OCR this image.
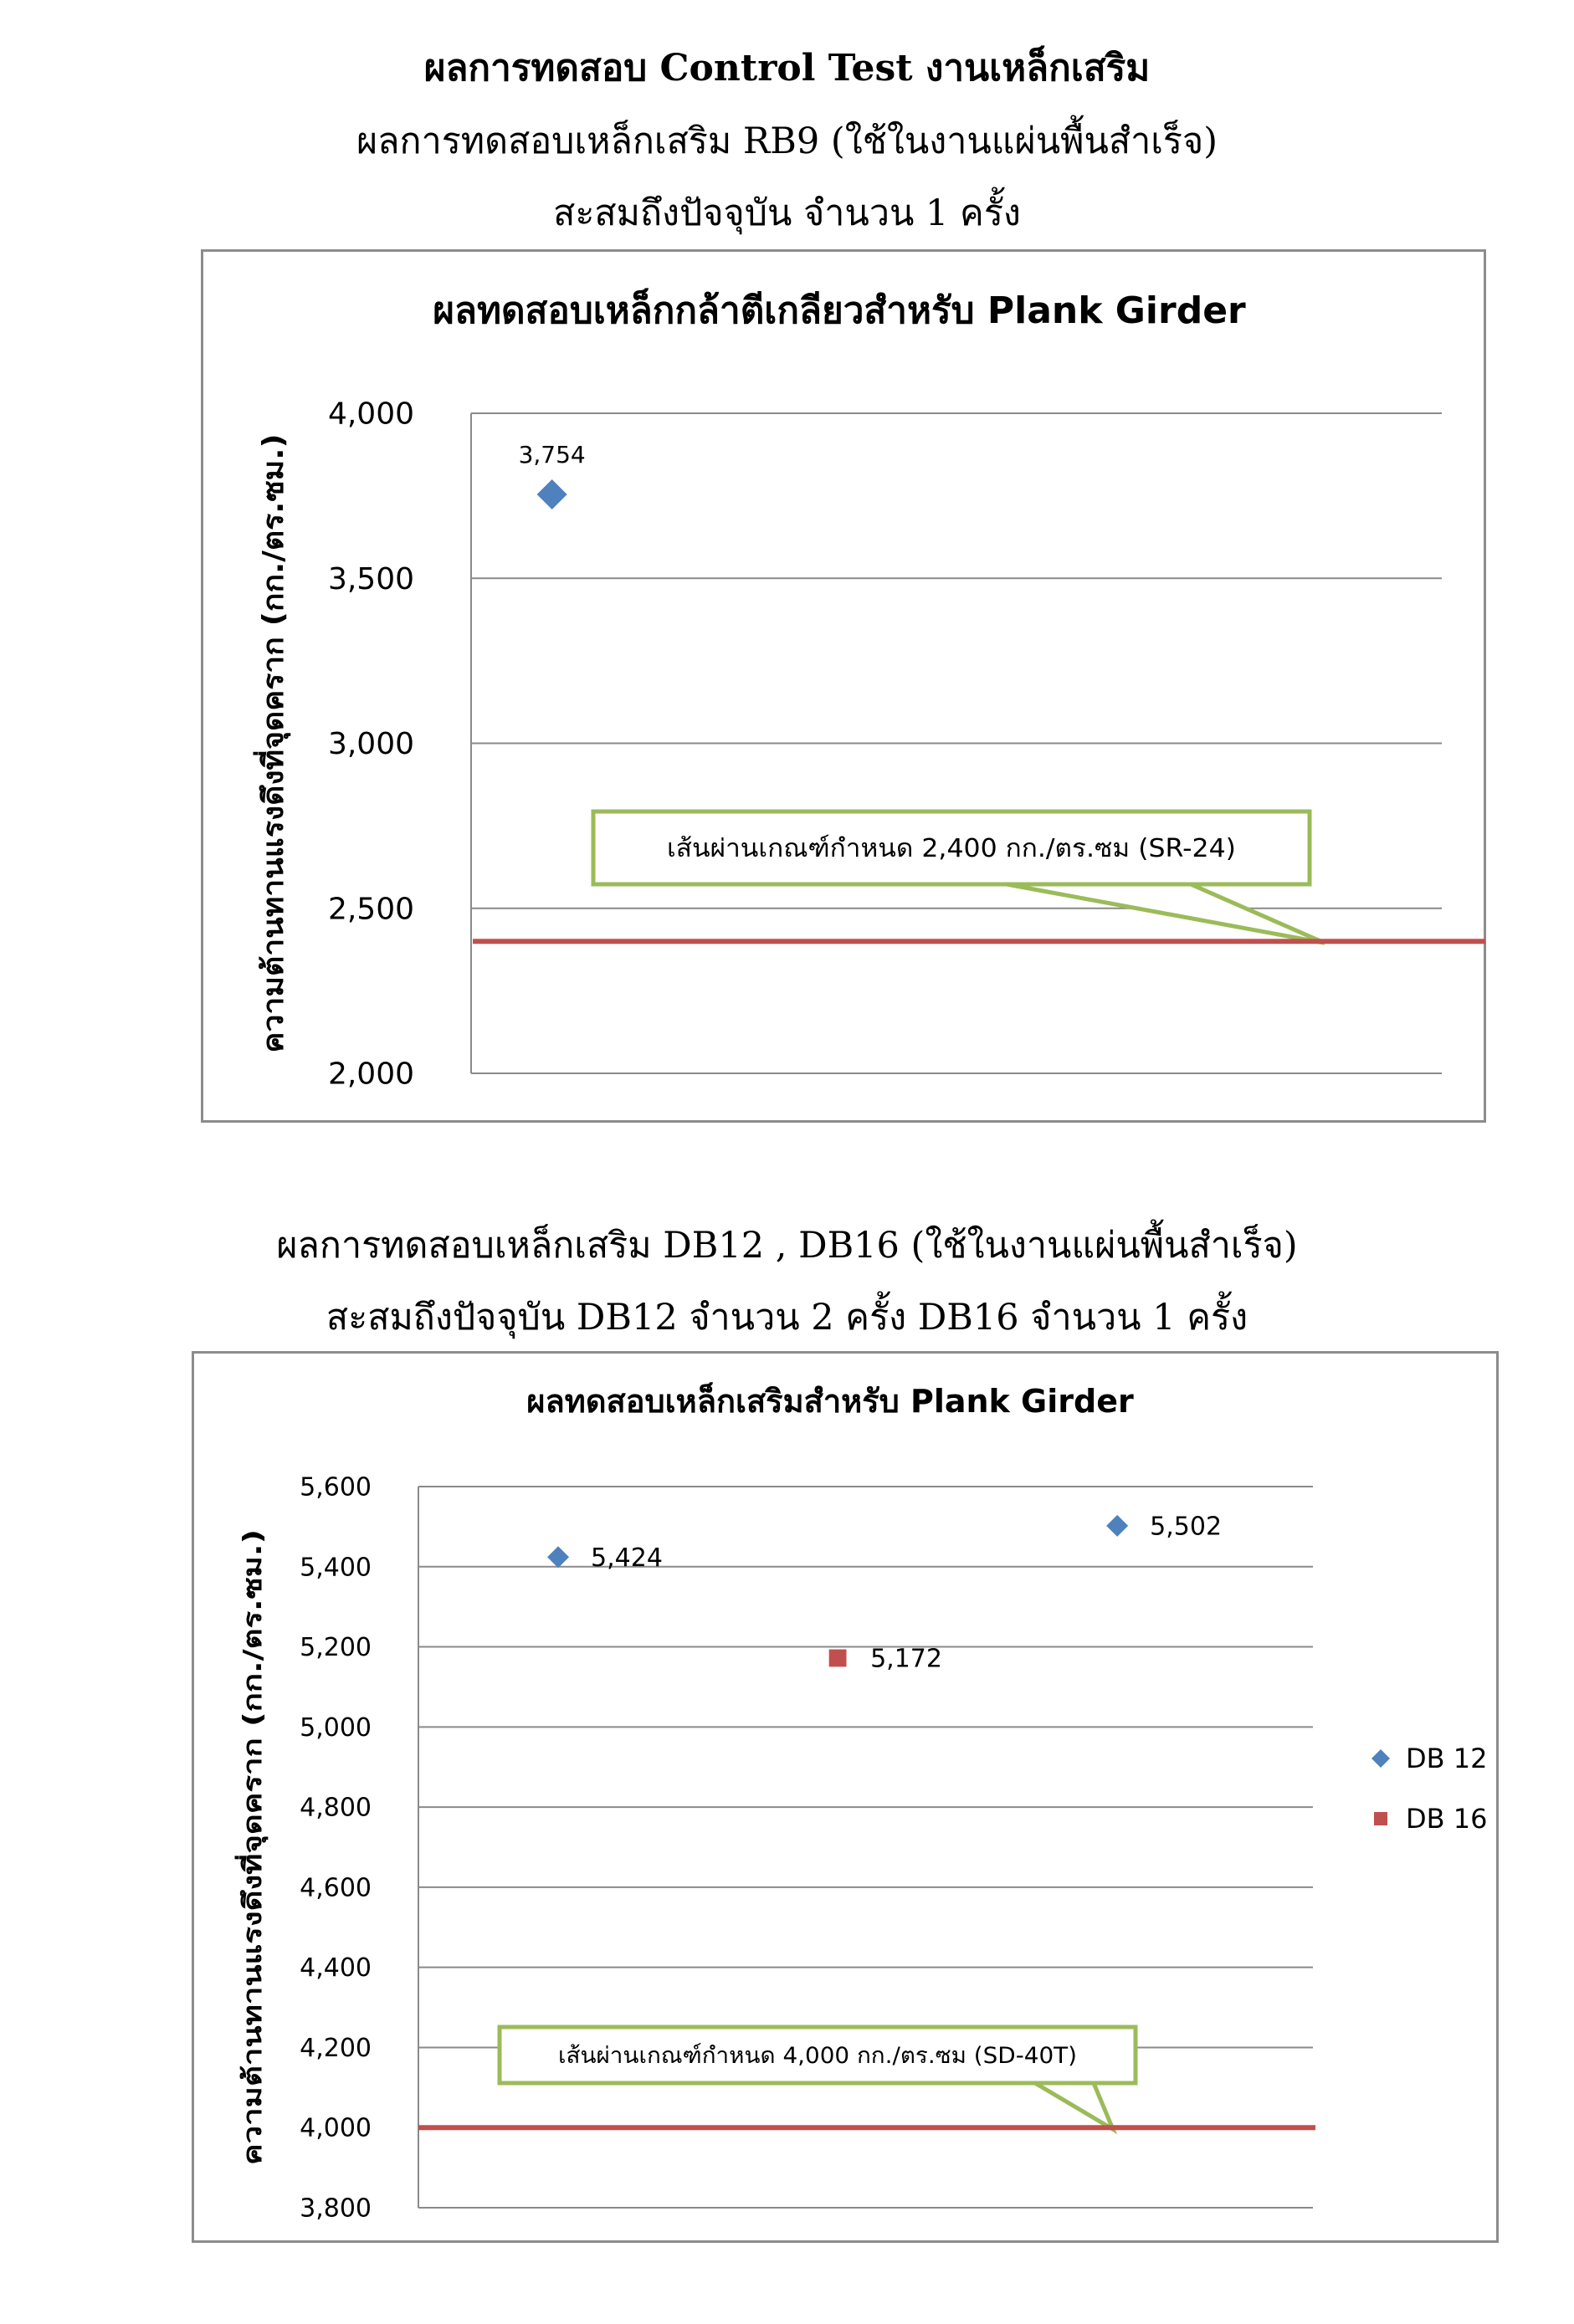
ผลการทดสอบ Control Test งานเหล็กเสริม
ผลการทดสอบเหล็กเสริม RB9 (ใช้ในงานแผ่นพื้นสำเร็จ)
สะสมถึงปัจจุบัน จำนวน 1 ครั้ง
ผลทดสอบเหล็กกล้าตีเกลียวสำหรับ Plank Girder
2,000
2,500
3,000
3,500
4,000
ความต้านทานแรงดึงที่จุดคราก (กก./ตร.ซม.)	เส้นผ่านเกณฑ์กำหนด 2,400 กก./ตร.ซม (SR-24)
3,754
ผลการทดสอบเหล็กเสริม DB12 , DB16 (ใช้ในงานแผ่นพื้นสำเร็จ)
สะสมถึงปัจจุบัน DB12 จำนวน 2 ครั้ง DB16 จำนวน 1 ครั้ง
ผลทดสอบเหล็กเสริมสำหรับ Plank Girder
3,800
4,000
4,200
4,400
4,600
4,800
5,000
5,200
5,400
5,600
ความต้านทานแรงดึงที่จุดคราก (กก./ตร.ซม.)	เส้นผ่านเกณฑ์กำหนด 4,000 กก./ตร.ซม (SD-40T)
5,424
5,502
DB 12
5,172
DB 16
